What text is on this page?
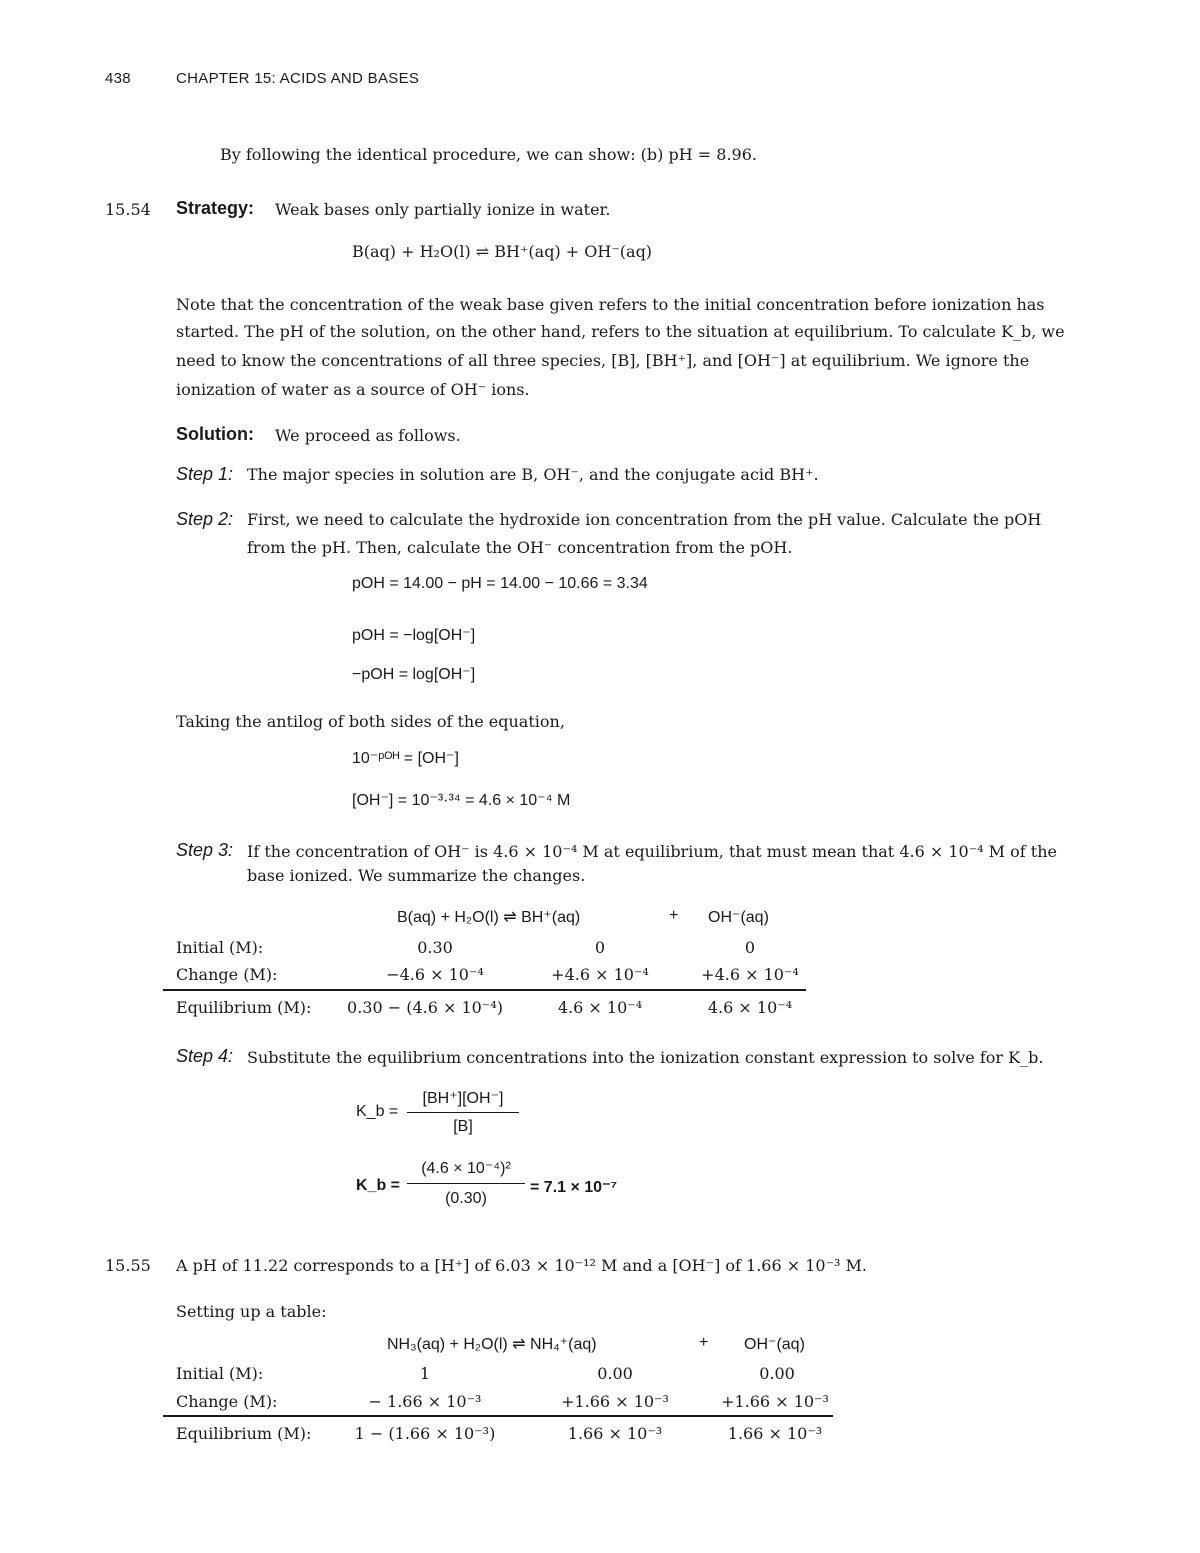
438	CHAPTER 15: ACIDS AND BASES
By following the identical procedure, we can show: (b) pH = 8.96.
15.54 Strategy: Weak bases only partially ionize in water.
B(aq) + H₂O(l) ⇌ BH⁺(aq) + OH⁻(aq)
Note that the concentration of the weak base given refers to the initial concentration before ionization has
started. The pH of the solution, on the other hand, refers to the situation at equilibrium. To calculate K_b, we
need to know the concentrations of all three species, [B], [BH⁺], and [OH⁻] at equilibrium. We ignore the
ionization of water as a source of OH⁻ ions.
Solution: We proceed as follows.
Step 1: The major species in solution are B, OH⁻, and the conjugate acid BH⁺.
Step 2: First, we need to calculate the hydroxide ion concentration from the pH value. Calculate the pOH
from the pH. Then, calculate the OH⁻ concentration from the pOH.
pOH = 14.00 − pH = 14.00 − 10.66 = 3.34
pOH = −log[OH⁻]
−pOH = log[OH⁻]
Taking the antilog of both sides of the equation,
10⁻ᵖᴼᴴ = [OH⁻]
[OH⁻] = 10⁻³·³⁴ = 4.6 × 10⁻⁴ M
Step 3: If the concentration of OH⁻ is 4.6 × 10⁻⁴ M at equilibrium, that must mean that 4.6 × 10⁻⁴ M of the
base ionized. We summarize the changes.
B(aq) + H₂O(l) ⇌ BH⁺(aq)	+ OH⁻(aq)
Initial (M):	0.30	0	0
Change (M):	−4.6 × 10⁻⁴	+4.6 × 10⁻⁴	+4.6 × 10⁻⁴
Equilibrium (M):	0.30 − (4.6 × 10⁻⁴)	4.6 × 10⁻⁴	4.6 × 10⁻⁴
Step 4: Substitute the equilibrium concentrations into the ionization constant expression to solve for K_b.
K_b =
[BH⁺][OH⁻]
[B]
K_b =
(4.6 × 10⁻⁴)²
(0.30)
= 7.1 × 10⁻⁷
15.55 A pH of 11.22 corresponds to a [H⁺] of 6.03 × 10⁻¹² M and a [OH⁻] of 1.66 × 10⁻³ M.
Setting up a table:
NH₃(aq) + H₂O(l) ⇌ NH₄⁺(aq)	+ OH⁻(aq)
Initial (M):	1	0.00	0.00
Change (M):	− 1.66 × 10⁻³	+1.66 × 10⁻³	+1.66 × 10⁻³
Equilibrium (M):	1 − (1.66 × 10⁻³)	1.66 × 10⁻³	1.66 × 10⁻³
